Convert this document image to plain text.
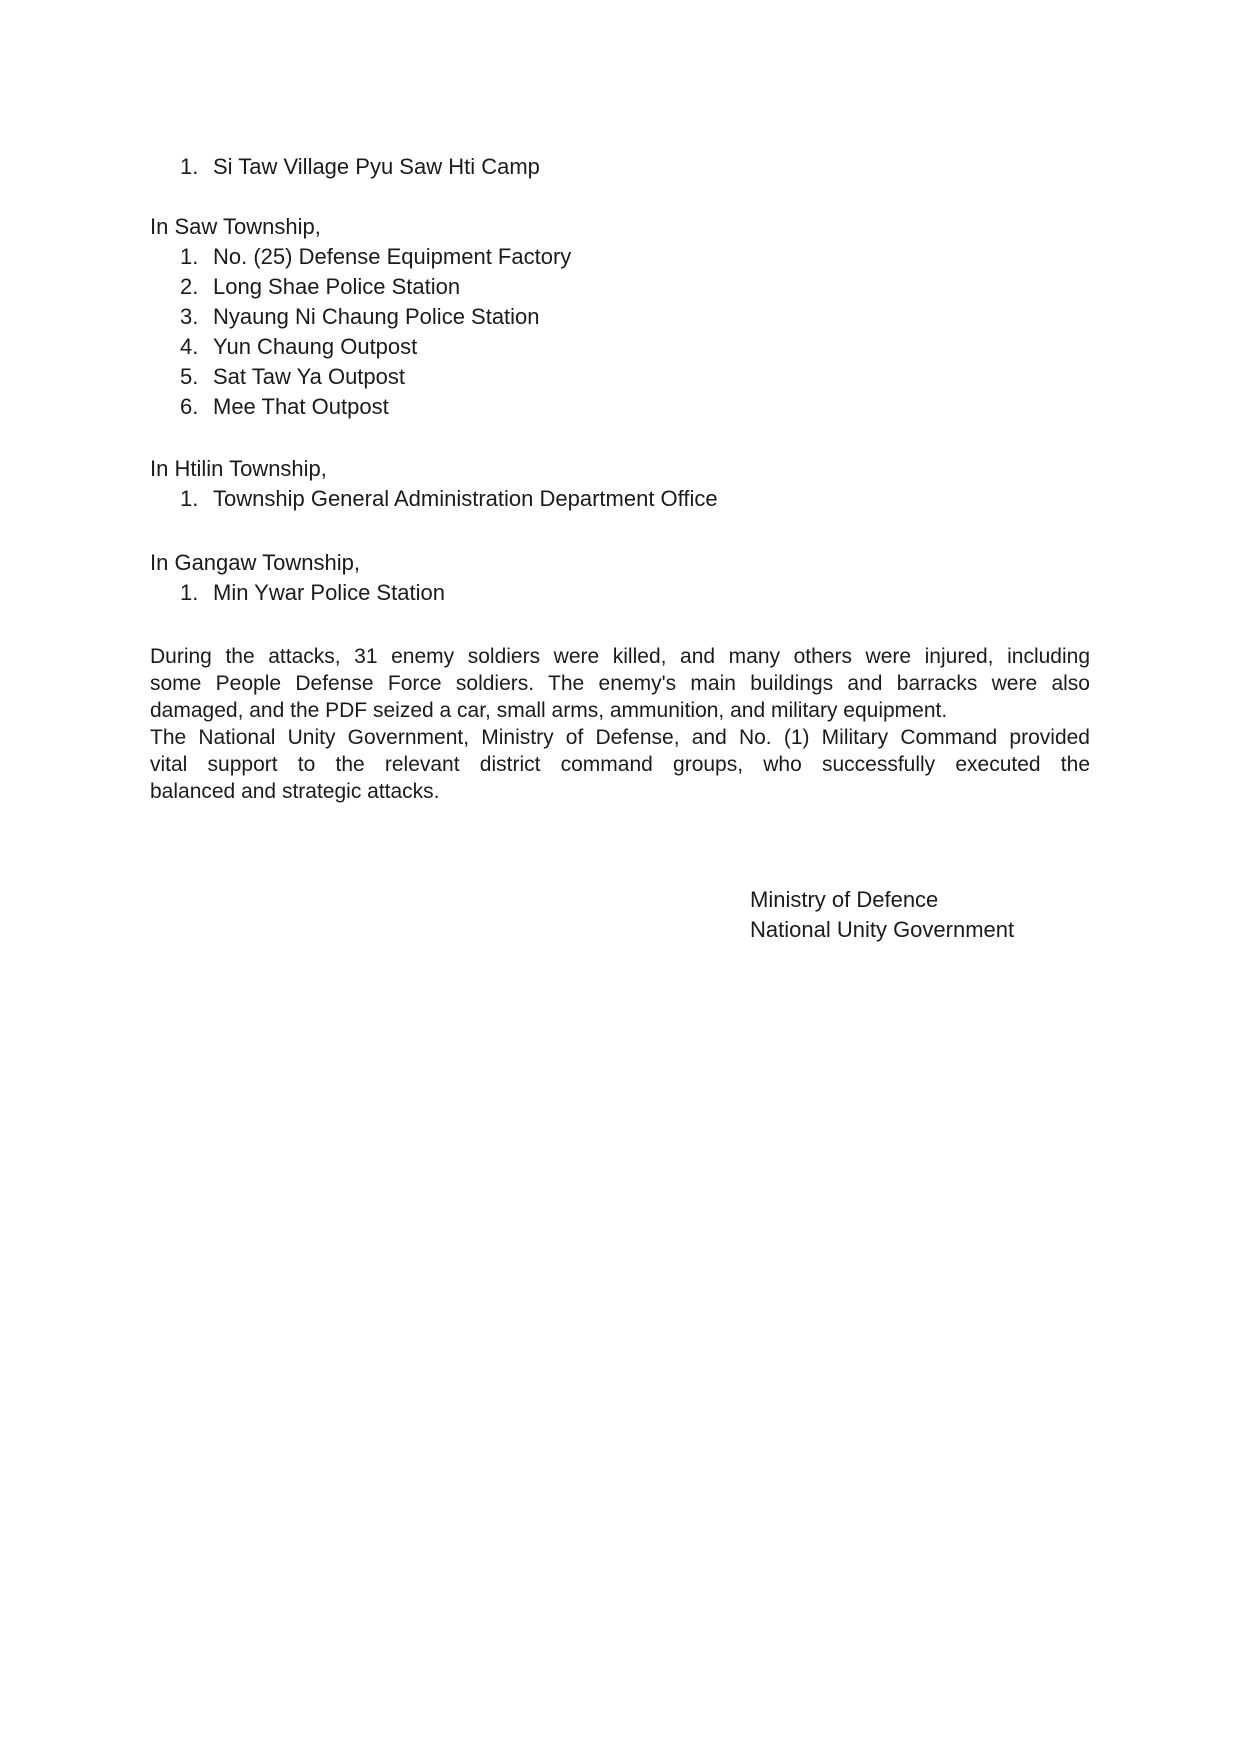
1. Si Taw Village Pyu Saw Hti Camp
In Saw Township,
1. No. (25) Defense Equipment Factory
2. Long Shae Police Station
3. Nyaung Ni Chaung Police Station
4. Yun Chaung Outpost
5. Sat Taw Ya Outpost
6. Mee That Outpost
In Htilin Township,
1. Township General Administration Department Office
In Gangaw Township,
1. Min Ywar Police Station
During the attacks, 31 enemy soldiers were killed, and many others were injured, including
some People Defense Force soldiers. The enemy's main buildings and barracks were also
damaged, and the PDF seized a car, small arms, ammunition, and military equipment.
The National Unity Government, Ministry of Defense, and No. (1) Military Command provided
vital support to the relevant district command groups, who successfully executed the
balanced and strategic attacks.
Ministry of Defence
National Unity Government
